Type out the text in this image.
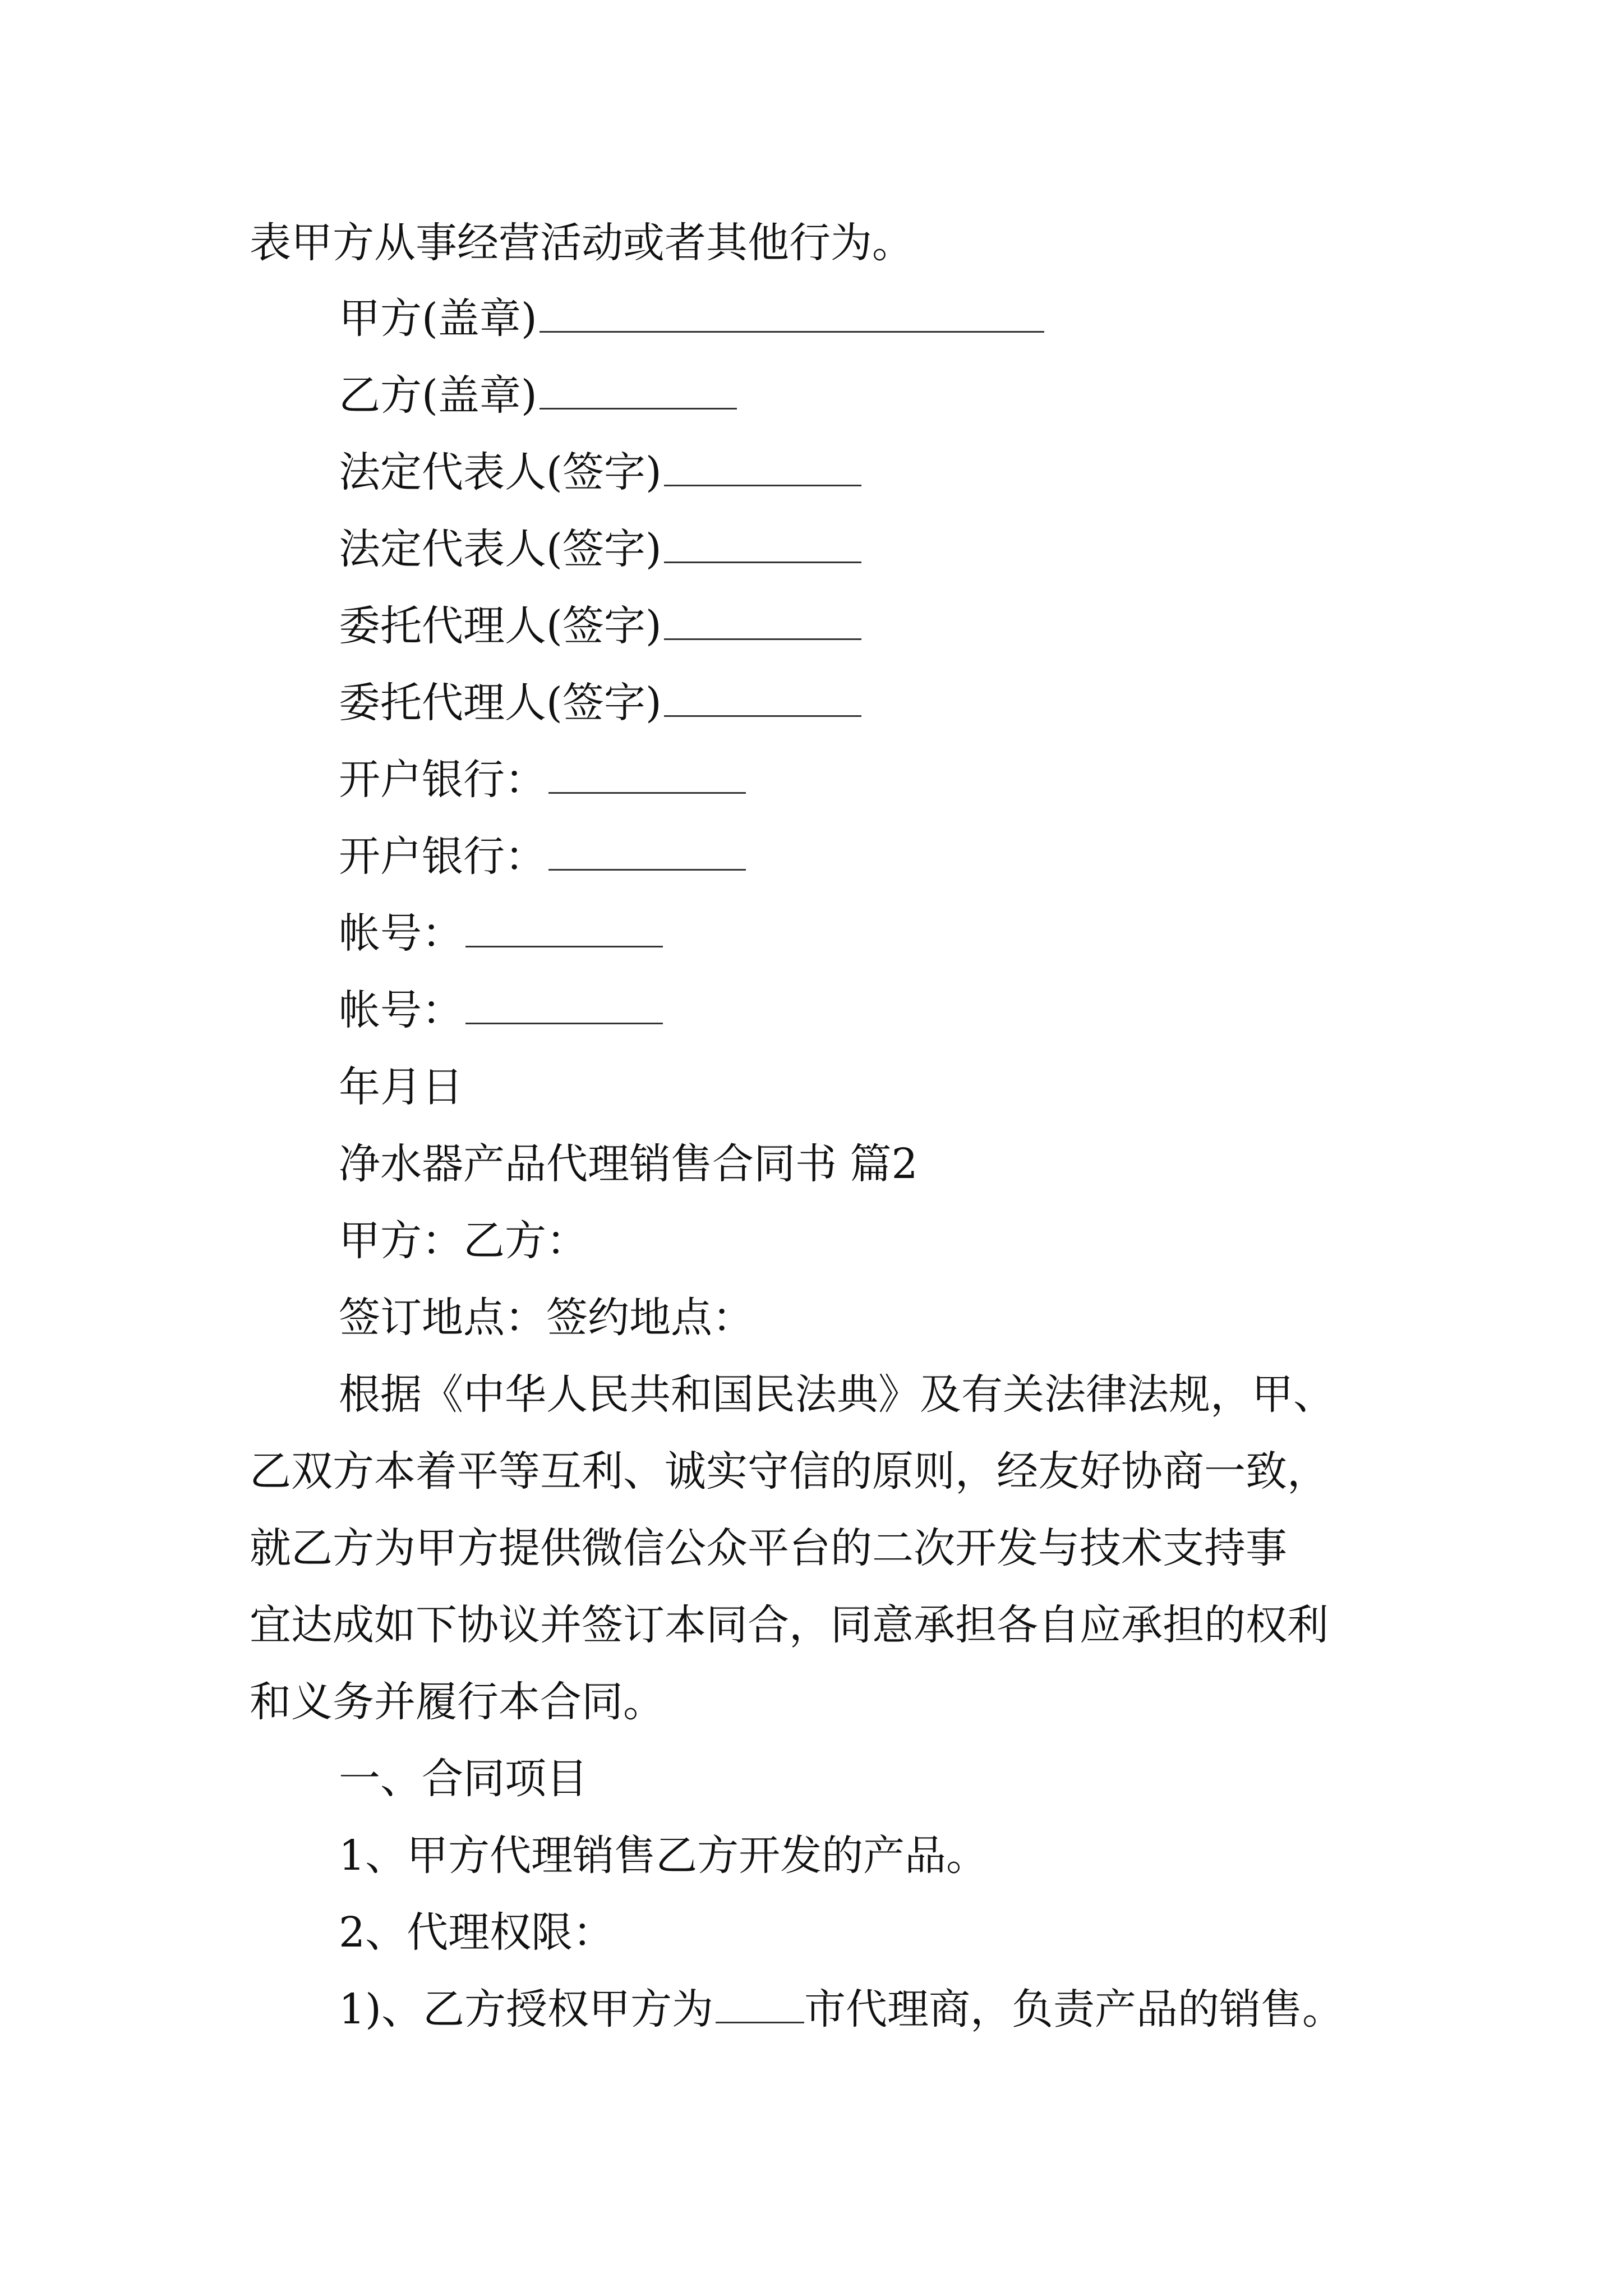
表甲方从事经营活动或者其他行为。
甲方(盖章)
乙方(盖章)
法定代表人(签字)
法定代表人(签字)
委托代理人(签字)
委托代理人(签字)
开户银行：
开户银行：
帐号：
帐号：
年月日
净水器产品代理销售合同书 篇2
甲方：乙方：
签订地点：签约地点：
根据《中华人民共和国民法典》及有关法律法规，甲、
乙双方本着平等互利、诚实守信的原则，经友好协商一致，
就乙方为甲方提供微信公众平台的二次开发与技术支持事
宜达成如下协议并签订本同合，同意承担各自应承担的权利
和义务并履行本合同。
一、合同项目
1、甲方代理销售乙方开发的产品。
2、代理权限：
1)、乙方授权甲方为 市代理商，负责产品的销售。
